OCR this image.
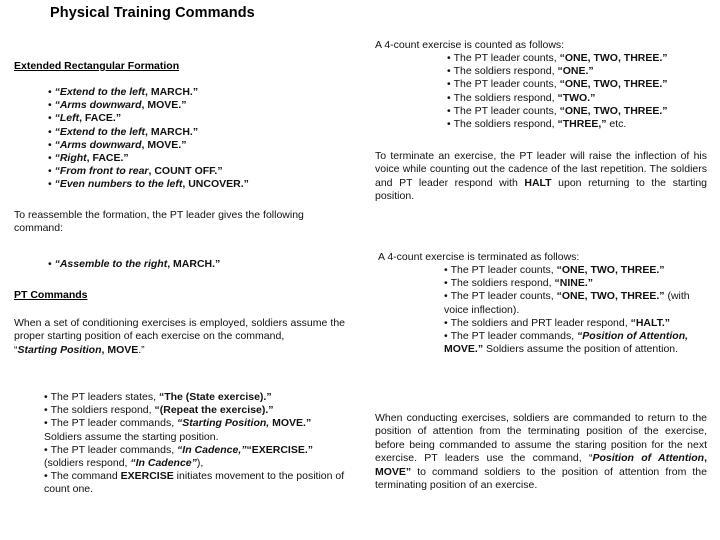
Physical Training Commands
Extended Rectangular Formation
• “Extend to the left, MARCH.”
• “Arms downward, MOVE.”
• “Left, FACE.”
• “Extend to the left, MARCH.”
• “Arms downward, MOVE.”
• “Right, FACE.”
• “From front to rear, COUNT OFF.”
• “Even numbers to the left, UNCOVER.”

To reassemble the formation, the PT leader gives the following command:

• “Assemble to the right, MARCH.”
PT Commands

When a set of conditioning exercises is employed, soldiers assume the proper starting position of each exercise on the command,

“Starting Position, MOVE.”

• The PT leaders states, “The (State exercise).”
• The soldiers respond, “(Repeat the exercise).”
• The PT leader commands, “Starting Position, MOVE.” Soldiers assume the starting position.
• The PT leader commands, “In Cadence,”“EXERCISE.” (soldiers respond, “In Cadence”),
• The command EXERCISE initiates movement to the position of count one.

A 4-count exercise is counted as follows:

• The PT leader counts, “ONE, TWO, THREE.”
• The soldiers respond, “ONE.”
• The PT leader counts, “ONE, TWO, THREE.”
• The soldiers respond, “TWO.”
• The PT leader counts, “ONE, TWO, THREE.”
• The soldiers respond, “THREE,” etc.

To terminate an exercise, the PT leader will raise the inflection of his voice while counting out the cadence of the last repetition. The soldiers and PT leader respond with HALT upon returning to the starting position.

A 4-count exercise is terminated as follows:

• The PT leader counts, “ONE, TWO, THREE.”
• The soldiers respond, “NINE.”
• The PT leader counts, “ONE, TWO, THREE.” (with voice inflection).
• The soldiers and PRT leader respond, “HALT.”
• The PT leader commands, “Position of Attention, MOVE.” Soldiers assume the position of attention.

When conducting exercises, soldiers are commanded to return to the position of attention from the terminating position of the exercise, before being commanded to assume the staring position for the next exercise. PT leaders use the command, “Position of Attention, MOVE” to command soldiers to the position of attention from the terminating position of an exercise.
